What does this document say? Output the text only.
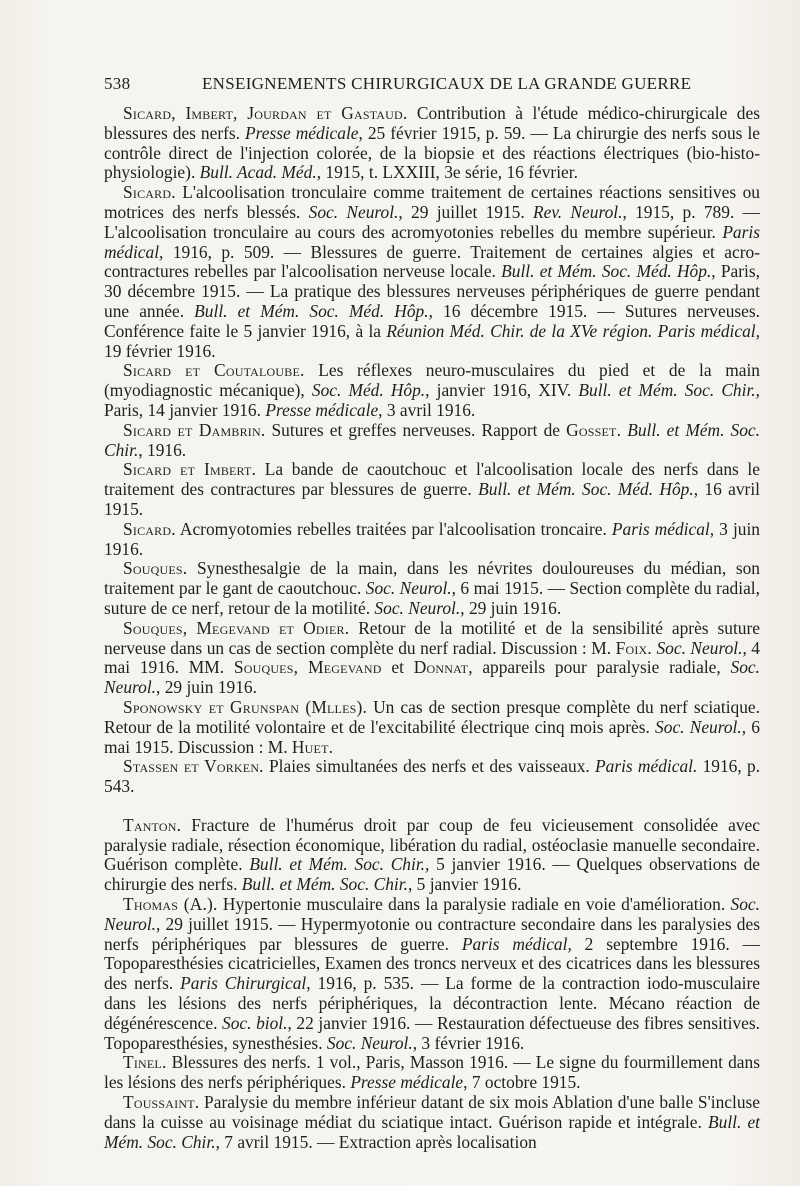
538	ENSEIGNEMENTS CHIRURGICAUX DE LA GRANDE GUERRE

Sicard, Imbert, Jourdan et Gastaud. Contribution à l'étude médico-chirurgicale des blessures des nerfs. Presse médicale, 25 février 1915, p. 59. — La chirurgie des nerfs sous le contrôle direct de l'injection colorée, de la biopsie et des réactions électriques (bio-histo-physiologie). Bull. Acad. Méd., 1915, t. LXXIII, 3e série, 16 février.

Sicard. L'alcoolisation tronculaire comme traitement de certaines réactions sensitives ou motrices des nerfs blessés. Soc. Neurol., 29 juillet 1915. Rev. Neurol., 1915, p. 789. — L'alcoolisation tronculaire au cours des acromyotonies rebelles du membre supérieur. Paris médical, 1916, p. 509. — Blessures de guerre. Traitement de certaines algies et acro-contractures rebelles par l'alcoolisation nerveuse locale. Bull. et Mém. Soc. Méd. Hôp., Paris, 30 décembre 1915. — La pratique des blessures nerveuses périphériques de guerre pendant une année. Bull. et Mém. Soc. Méd. Hôp., 16 décembre 1915. — Sutures nerveuses. Conférence faite le 5 janvier 1916, à la Réunion Méd. Chir. de la XVe région. Paris médical, 19 février 1916.

Sicard et Coutaloube. Les réflexes neuro-musculaires du pied et de la main (myodiagnostic mécanique), Soc. Méd. Hôp., janvier 1916, XIV. Bull. et Mém. Soc. Chir., Paris, 14 janvier 1916. Presse médicale, 3 avril 1916.

Sicard et Dambrin. Sutures et greffes nerveuses. Rapport de Gosset. Bull. et Mém. Soc. Chir., 1916.

Sicard et Imbert. La bande de caoutchouc et l'alcoolisation locale des nerfs dans le traitement des contractures par blessures de guerre. Bull. et Mém. Soc. Méd. Hôp., 16 avril 1915.

Sicard. Acromyotomies rebelles traitées par l'alcoolisation troncaire. Paris médical, 3 juin 1916.

Souques. Synesthesalgie de la main, dans les névrites douloureuses du médian, son traitement par le gant de caoutchouc. Soc. Neurol., 6 mai 1915. — Section complète du radial, suture de ce nerf, retour de la motilité. Soc. Neurol., 29 juin 1916.

Souques, Megevand et Odier. Retour de la motilité et de la sensibilité après suture nerveuse dans un cas de section complète du nerf radial. Discussion : M. Foix. Soc. Neurol., 4 mai 1916. MM. Souques, Megevand et Donnat, appareils pour paralysie radiale, Soc. Neurol., 29 juin 1916.

Sponowsky et Grunspan (Mlles). Un cas de section presque complète du nerf sciatique. Retour de la motilité volontaire et de l'excitabilité électrique cinq mois après. Soc. Neurol., 6 mai 1915. Discussion : M. Huet.

Stassen et Vorken. Plaies simultanées des nerfs et des vaisseaux. Paris médical. 1916, p. 543.

Tanton. Fracture de l'humérus droit par coup de feu vicieusement consolidée avec paralysie radiale, résection économique, libération du radial, ostéoclasie manuelle secondaire. Guérison complète. Bull. et Mém. Soc. Chir., 5 janvier 1916. — Quelques observations de chirurgie des nerfs. Bull. et Mém. Soc. Chir., 5 janvier 1916.

Thomas (A.). Hypertonie musculaire dans la paralysie radiale en voie d'amélioration. Soc. Neurol., 29 juillet 1915. — Hypermyotonie ou contracture secondaire dans les paralysies des nerfs périphériques par blessures de guerre. Paris médical, 2 septembre 1916. — Topoparesthésies cicatricielles, Examen des troncs nerveux et des cicatrices dans les blessures des nerfs. Paris Chirurgical, 1916, p. 535. — La forme de la contraction iodo-musculaire dans les lésions des nerfs périphériques, la décontraction lente. Mécano réaction de dégénérescence. Soc. biol., 22 janvier 1916. — Restauration défectueuse des fibres sensitives. Topoparesthésies, synesthésies. Soc. Neurol., 3 février 1916.

Tinel. Blessures des nerfs. 1 vol., Paris, Masson 1916. — Le signe du fourmillement dans les lésions des nerfs périphériques. Presse médicale, 7 octobre 1915.

Toussaint. Paralysie du membre inférieur datant de six mois Ablation d'une balle S'incluse dans la cuisse au voisinage médiat du sciatique intact. Guérison rapide et intégrale. Bull. et Mém. Soc. Chir., 7 avril 1915. — Extraction après localisation
